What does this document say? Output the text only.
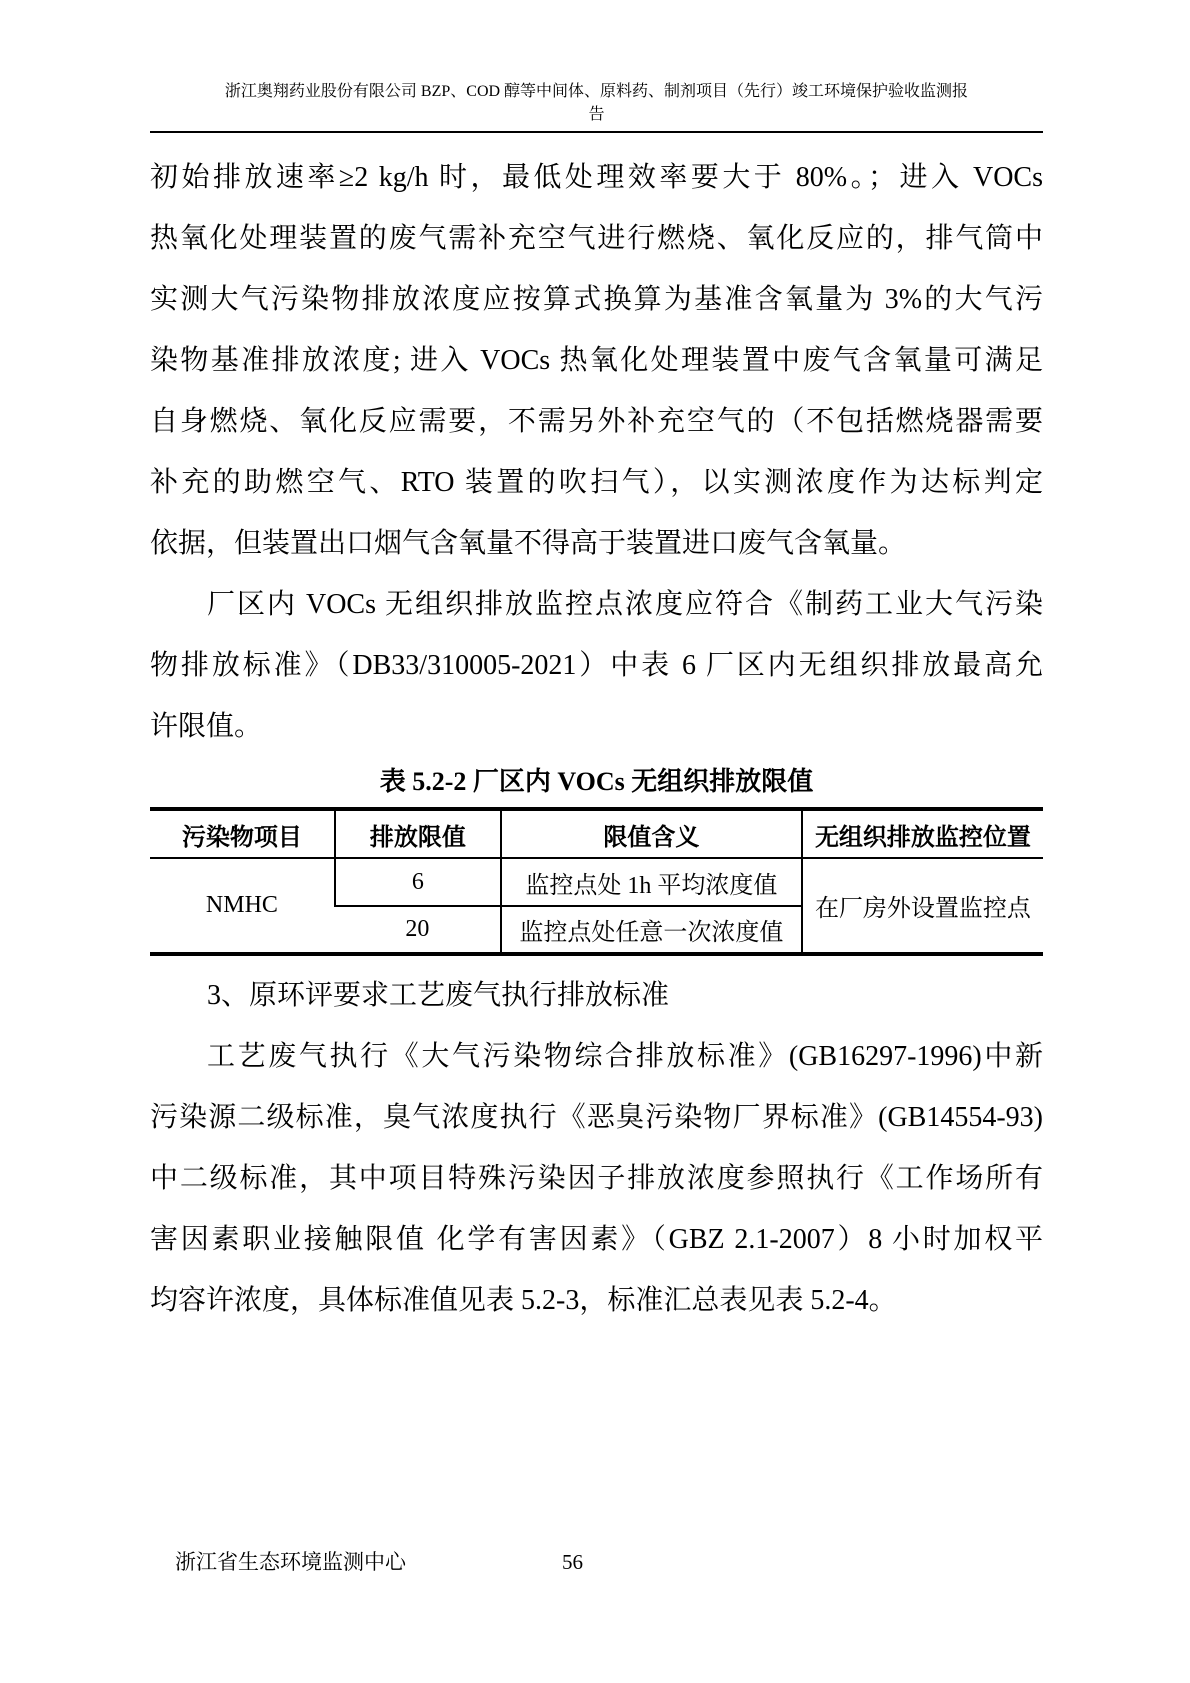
浙江奥翔药业股份有限公司 BZP、COD 醇等中间体、原料药、制剂项目（先行）竣工环境保护验收监测报
告
初始排放速率≥2 kg/h 时，最低处理效率要大于 80%。；进入 VOCs
热氧化处理装置的废气需补充空气进行燃烧、氧化反应的，排气筒中
实测大气污染物排放浓度应按算式换算为基准含氧量为 3%的大气污
染物基准排放浓度; 进入 VOCs 热氧化处理装置中废气含氧量可满足
自身燃烧、氧化反应需要，不需另外补充空气的（不包括燃烧器需要
补充的助燃空气、RTO 装置的吹扫气），以实测浓度作为达标判定
依据，但装置出口烟气含氧量不得高于装置进口废气含氧量。
厂区内 VOCs 无组织排放监控点浓度应符合《制药工业大气污染
物排放标准》（DB33/310005-2021）中表 6 厂区内无组织排放最高允
许限值。
表 5.2-2 厂区内 VOCs 无组织排放限值
污染物项目	排放限值	限值含义	无组织排放监控位置
NMHC	6	监控点处 1h 平均浓度值	在厂房外设置监控点
	20	监控点处任意一次浓度值	
3、原环评要求工艺废气执行排放标准
工艺废气执行《大气污染物综合排放标准》(GB16297-1996)中新
污染源二级标准，臭气浓度执行《恶臭污染物厂界标准》(GB14554-93)
中二级标准，其中项目特殊污染因子排放浓度参照执行《工作场所有
害因素职业接触限值 化学有害因素》（GBZ 2.1-2007）8 小时加权平
均容许浓度，具体标准值见表 5.2-3，标准汇总表见表 5.2-4。
浙江省生态环境监测中心	56
